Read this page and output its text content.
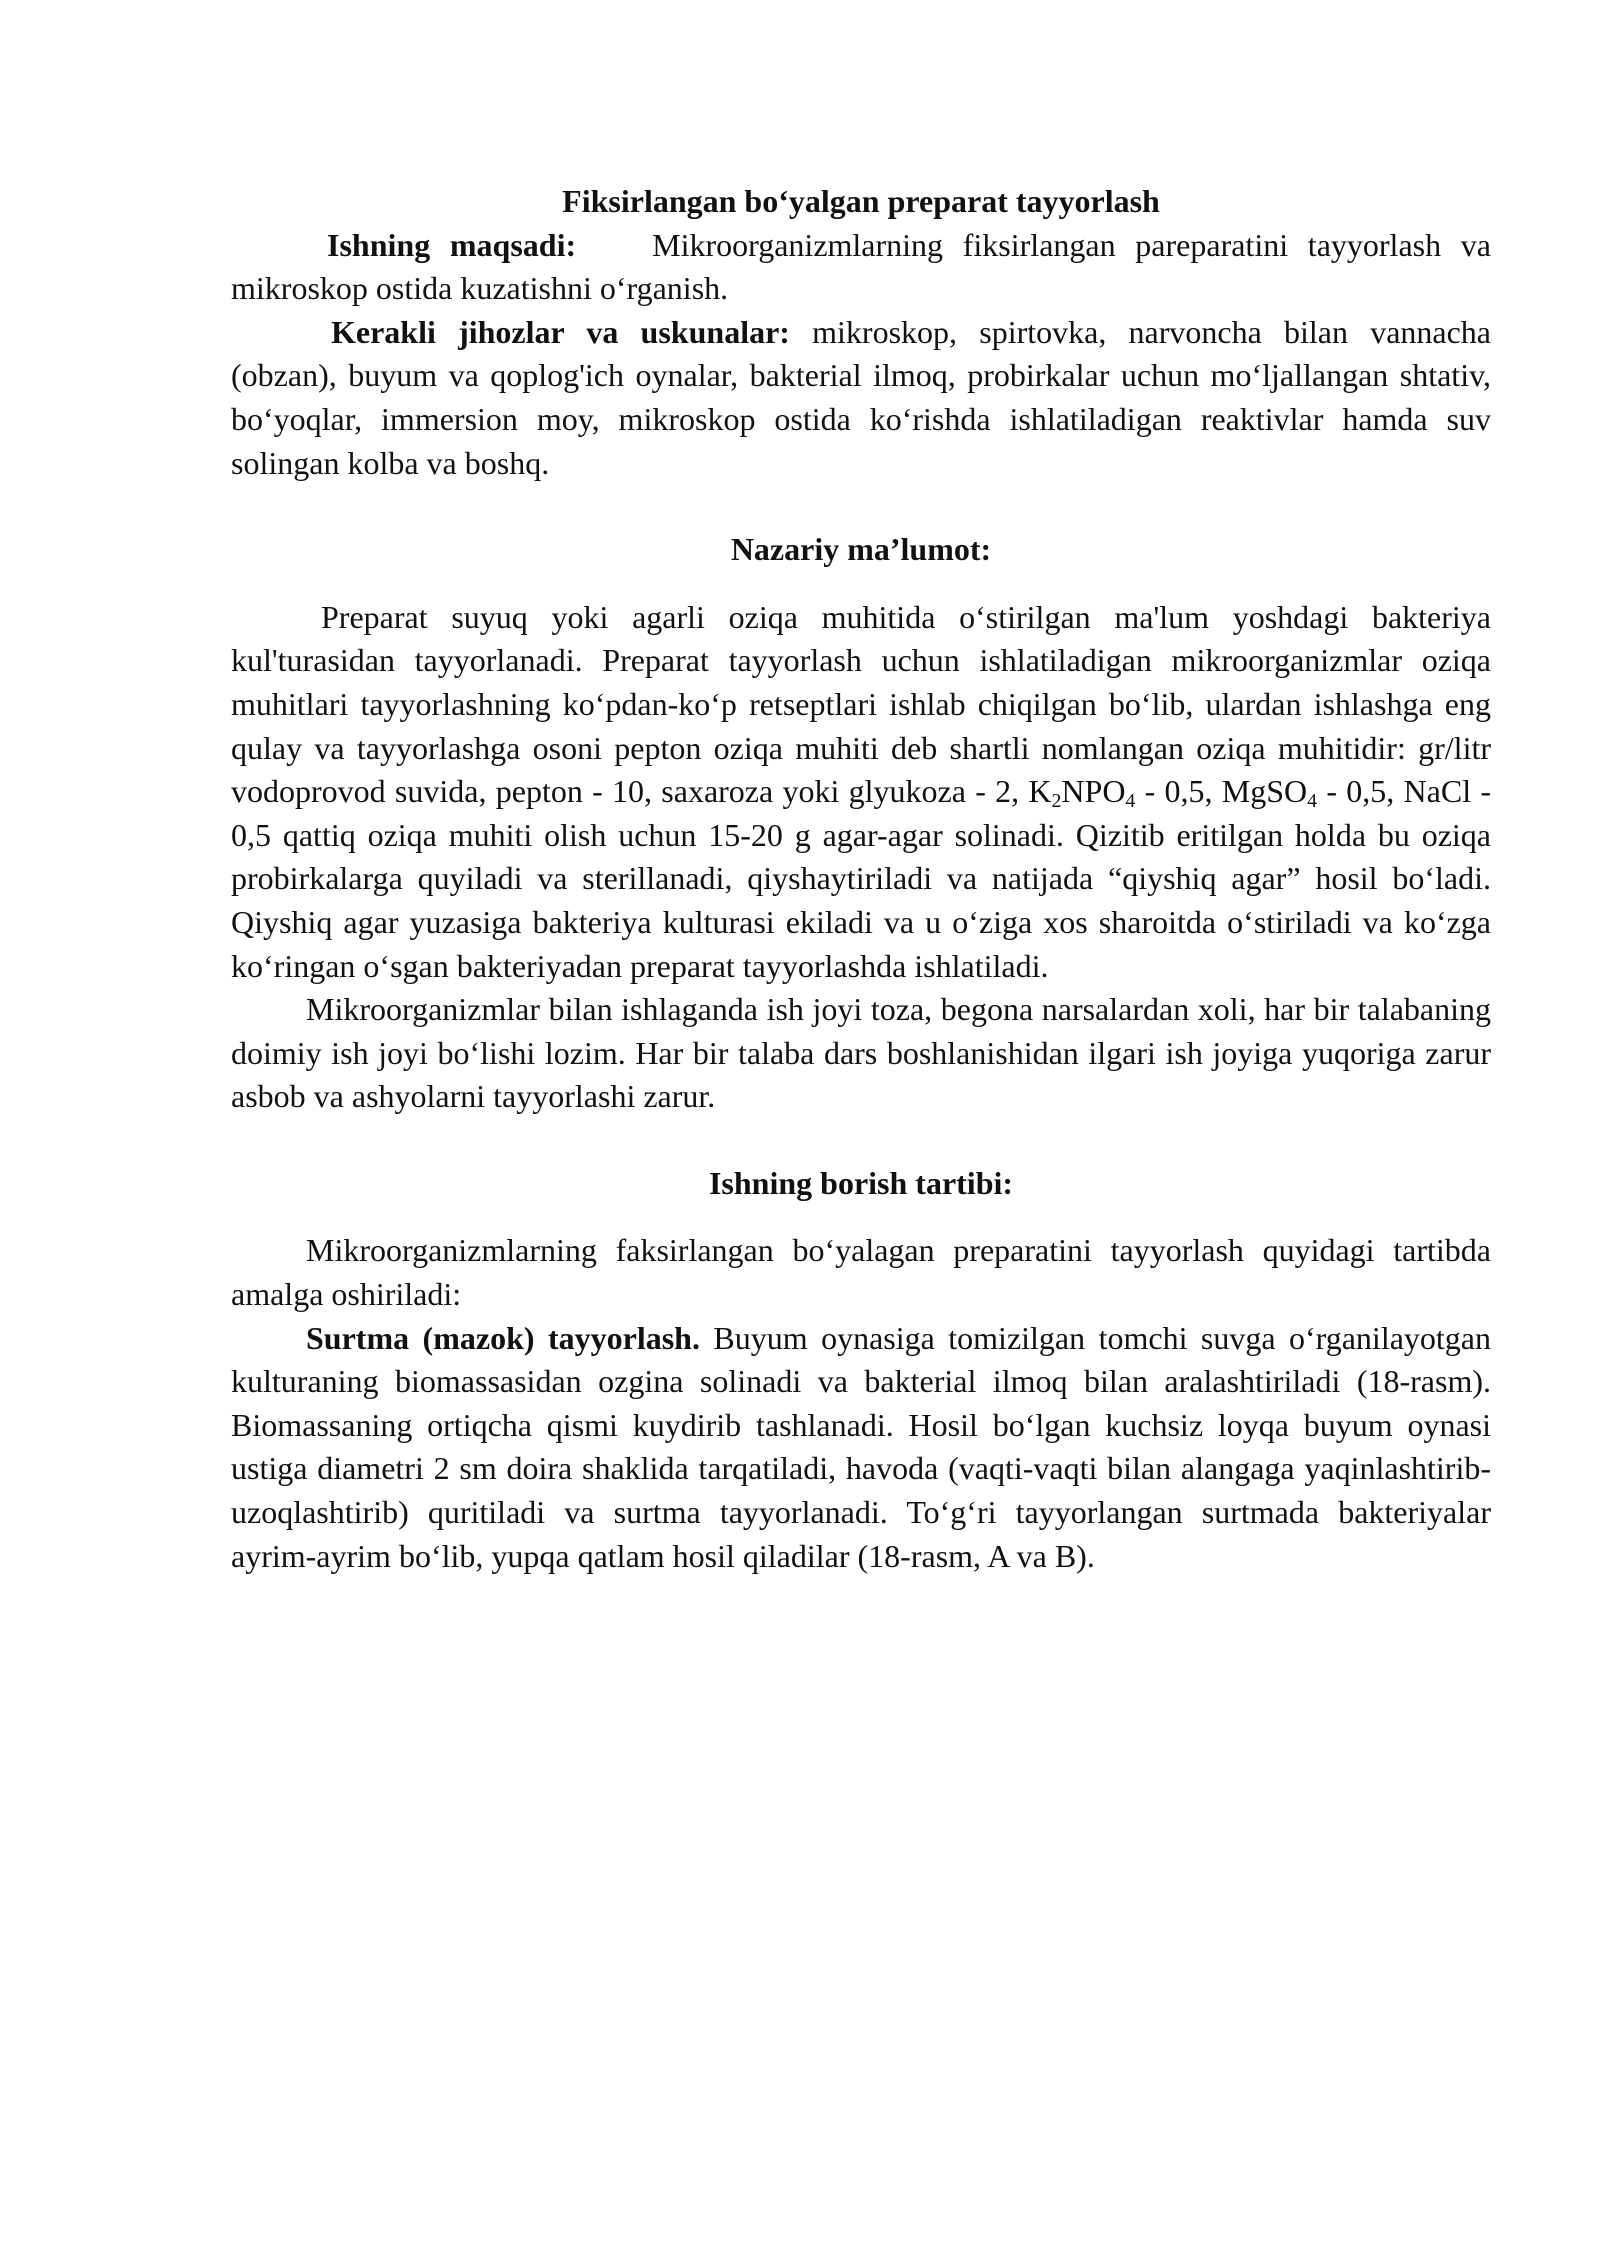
Fiksirlangan bo‘yalgan preparat tayyorlash

Ishning maqsadi: Mikroorganizmlarning fiksirlangan pareparatini tayyorlash va mikroskop ostida kuzatishni o‘rganish.

Kerakli jihozlar va uskunalar: mikroskop, spirtovka, narvoncha bilan vannacha (obzan), buyum va qoplog'ich oynalar, bakterial ilmoq, probirkalar uchun mo‘ljallangan shtativ, bo‘yoqlar, immersion moy, mikroskop ostida ko‘rishda ishlatiladigan reaktivlar hamda suv solingan kolba va boshq.

Nazariy ma’lumot:

Preparat suyuq yoki agarli oziqa muhitida o‘stirilgan ma'lum yoshdagi bakteriya kul'turasidan tayyorlanadi. Preparat tayyorlash uchun ishlatiladigan mikroorganizmlar oziqa muhitlari tayyorlashning ko‘pdan-ko‘p retseptlari ishlab chiqilgan bo‘lib, ulardan ishlashga eng qulay va tayyorlashga osoni pepton oziqa muhiti deb shartli nomlangan oziqa muhitidir: gr/litr vodoprovod suvida, pepton - 10, saxaroza yoki glyukoza - 2, $K_2NPO_4 - 0,5$, MgSO$_4$ - 0,5, NaCl - 0,5 qattiq oziqa muhiti olish uchun 15-20 g agar-agar solinadi. Qizitib eritilgan holda bu oziqa probirkalarga quyiladi va sterillanadi, qiyshaytiriladi va natijada “qiyshiq agar” hosil bo‘ladi. Qiyshiq agar yuzasiga bakteriya kulturasi ekiladi va u o‘ziga xos sharoitda o‘stiriladi va ko‘zga ko‘ringan o‘sgan bakteriyadan preparat tayyorlashda ishlatiladi.

Mikroorganizmlar bilan ishlaganda ish joyi toza, begona narsalardan xoli, har bir talabaning doimiy ish joyi bo‘lishi lozim. Har bir talaba dars boshlanishidan ilgari ish joyiga yuqoriga zarur asbob va ashyolarni tayyorlashi zarur.

Ishning borish tartibi:

Mikroorganizmlarning faksirlangan bo‘yalagan preparatini tayyorlash quyidagi tartibda amalga oshiriladi:

Surtma (mazok) tayyorlash. Buyum oynasiga tomizilgan tomchi suvga o‘rganilayotgan kulturaning biomassasidan ozgina solinadi va bakterial ilmoq bilan aralashtiriladi (18-rasm). Biomassaning ortiqcha qismi kuydirib tashlanadi. Hosil bo‘lgan kuchsiz loyqa buyum oynasi ustiga diametri 2 sm doira shaklida tarqatiladi, havoda (vaqti-vaqti bilan alangaga yaqinlashtirib-uzoqlashtirib) quritiladi va surtma tayyorlanadi. To‘g‘ri tayyorlangan surtmada bakteriyalar ayrim-ayrim bo‘lib, yupqa qatlam hosil qiladilar (18-rasm, A va B).
